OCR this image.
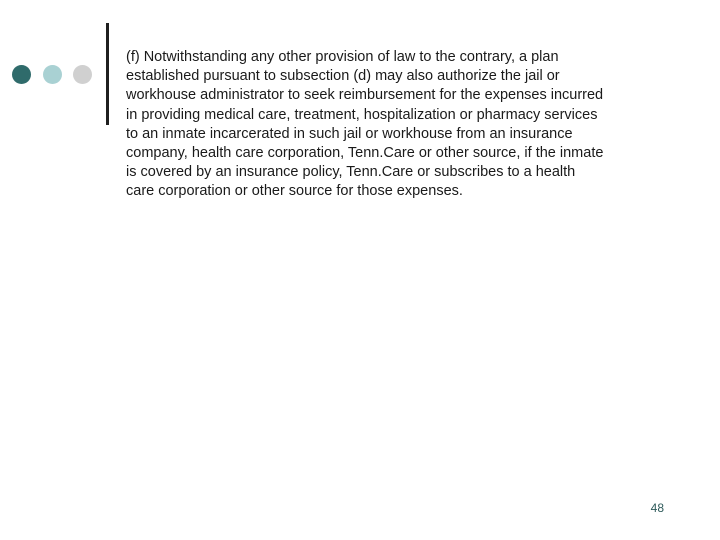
(f) Notwithstanding any other provision of law to the contrary, a plan
established pursuant to subsection (d) may also authorize the jail or
workhouse administrator to seek reimbursement for the expenses incurred
in providing medical care, treatment, hospitalization or pharmacy services
to an inmate incarcerated in such jail or workhouse from an insurance
company, health care corporation, Tenn.Care or other source, if the inmate
is covered by an insurance policy, Tenn.Care or subscribes to a health
care corporation or other source for those expenses.

48
